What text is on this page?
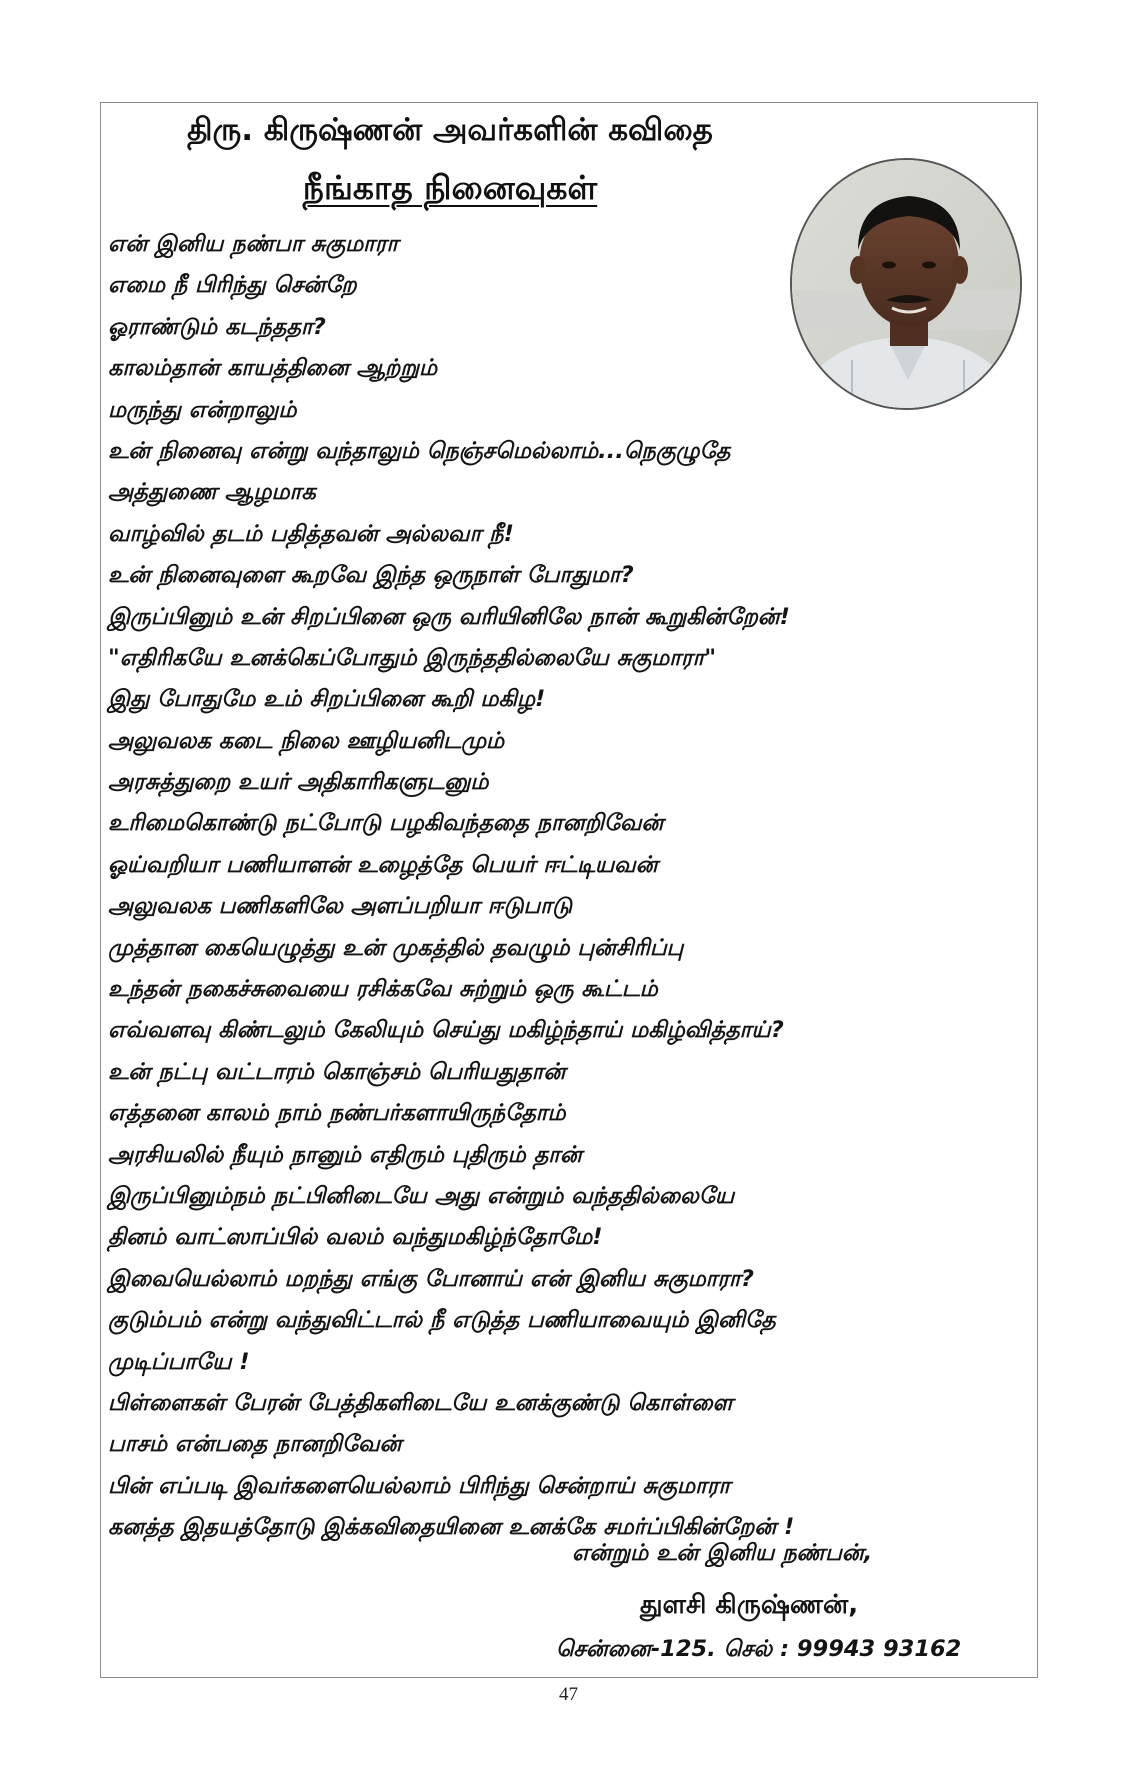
திரு. கிருஷ்ணன் அவர்களின் கவிதை
நீங்காத நினைவுகள்
என் இனிய நண்பா சுகுமாரா
எமை நீ பிரிந்து சென்றே
ஓராண்டும் கடந்ததா?
காலம்தான் காயத்தினை ஆற்றும்
மருந்து என்றாலும்
உன் நினைவு என்று வந்தாலும் நெஞ்சமெல்லாம்...நெகுழுதே
அத்துணை ஆழமாக
வாழ்வில் தடம் பதித்தவன் அல்லவா நீ!
உன் நினைவுளை கூறவே இந்த ஒருநாள் போதுமா?
இருப்பினும் உன் சிறப்பினை ஒரு வரியினிலே நான் கூறுகின்றேன்!
"எதிரிகயே உனக்கெப்போதும் இருந்ததில்லையே சுகுமாரா"
இது போதுமே உம் சிறப்பினை கூறி மகிழ!
அலுவலக கடை நிலை ஊழியனிடமும்
அரசுத்துறை உயர் அதிகாரிகளுடனும்
உரிமைகொண்டு நட்போடு பழகிவந்ததை நானறிவேன்
ஓய்வறியா பணியாளன் உழைத்தே பெயர் ஈட்டியவன்
அலுவலக பணிகளிலே அளப்பறியா ஈடுபாடு
முத்தான கையெழுத்து உன் முகத்தில் தவழும் புன்சிரிப்பு
உந்தன் நகைச்சுவையை ரசிக்கவே சுற்றும் ஒரு கூட்டம்
எவ்வளவு கிண்டலும் கேலியும் செய்து மகிழ்ந்தாய் மகிழ்வித்தாய்?
உன் நட்பு வட்டாரம் கொஞ்சம் பெரியதுதான்
எத்தனை காலம் நாம் நண்பர்களாயிருந்தோம்
அரசியலில் நீயும் நானும் எதிரும் புதிரும் தான்
இருப்பினும்நம் நட்பினிடையே அது என்றும் வந்ததில்லையே
தினம் வாட்ஸாப்பில் வலம் வந்துமகிழ்ந்தோமே!
இவையெல்லாம் மறந்து எங்கு போனாய் என் இனிய சுகுமாரா?
குடும்பம் என்று வந்துவிட்டால் நீ எடுத்த பணியாவையும் இனிதே
முடிப்பாயே !
பிள்ளைகள் பேரன் பேத்திகளிடையே உனக்குண்டு கொள்ளை
பாசம் என்பதை நானறிவேன்
பின் எப்படி இவர்களையெல்லாம் பிரிந்து சென்றாய் சுகுமாரா
கனத்த இதயத்தோடு இக்கவிதையினை உனக்கே சமர்ப்பிகின்றேன் !
என்றும் உன் இனிய நண்பன்,
துளசி கிருஷ்ணன்,
சென்னை-125. செல் : 99943 93162
47
